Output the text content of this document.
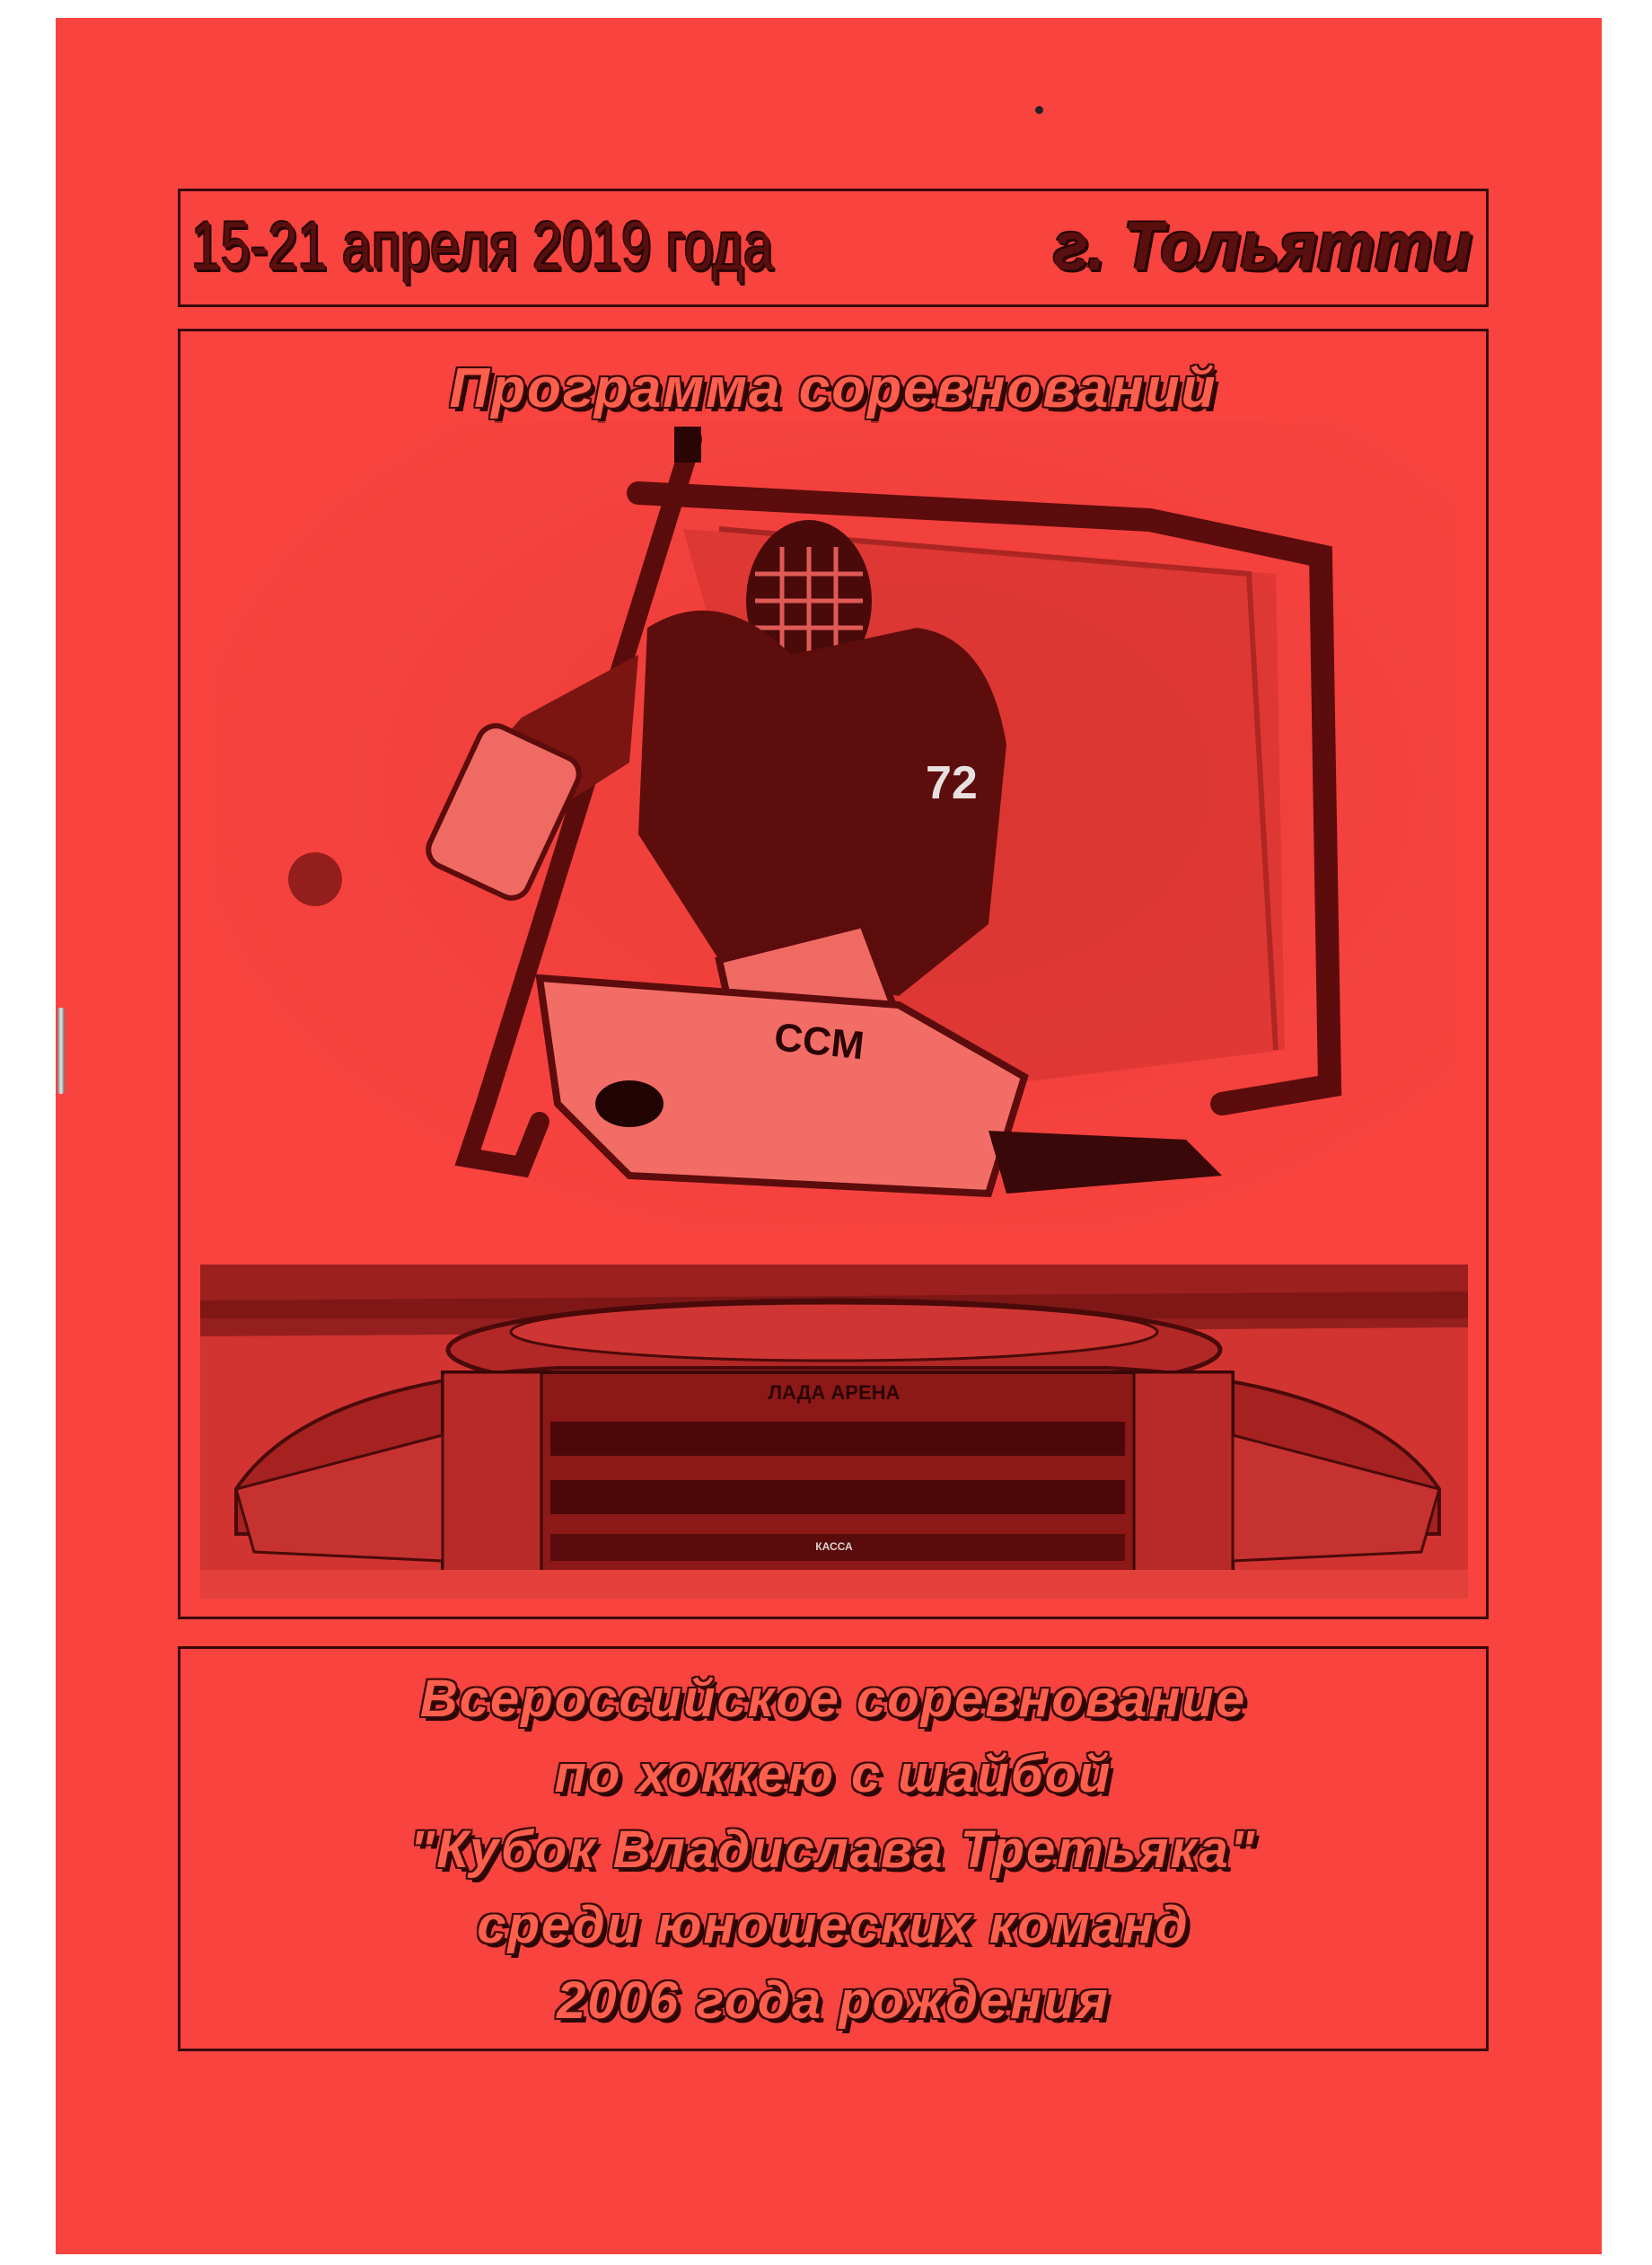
15-21 апреля 2019 года	г. Тольятти
Программа соревнований
72
CCM
ЛАДА АРЕНА
КАССА
Всероссийское соревнование
по хоккею с шайбой
"Кубок Владислава Третьяка"
среди юношеских команд
2006 года рождения
